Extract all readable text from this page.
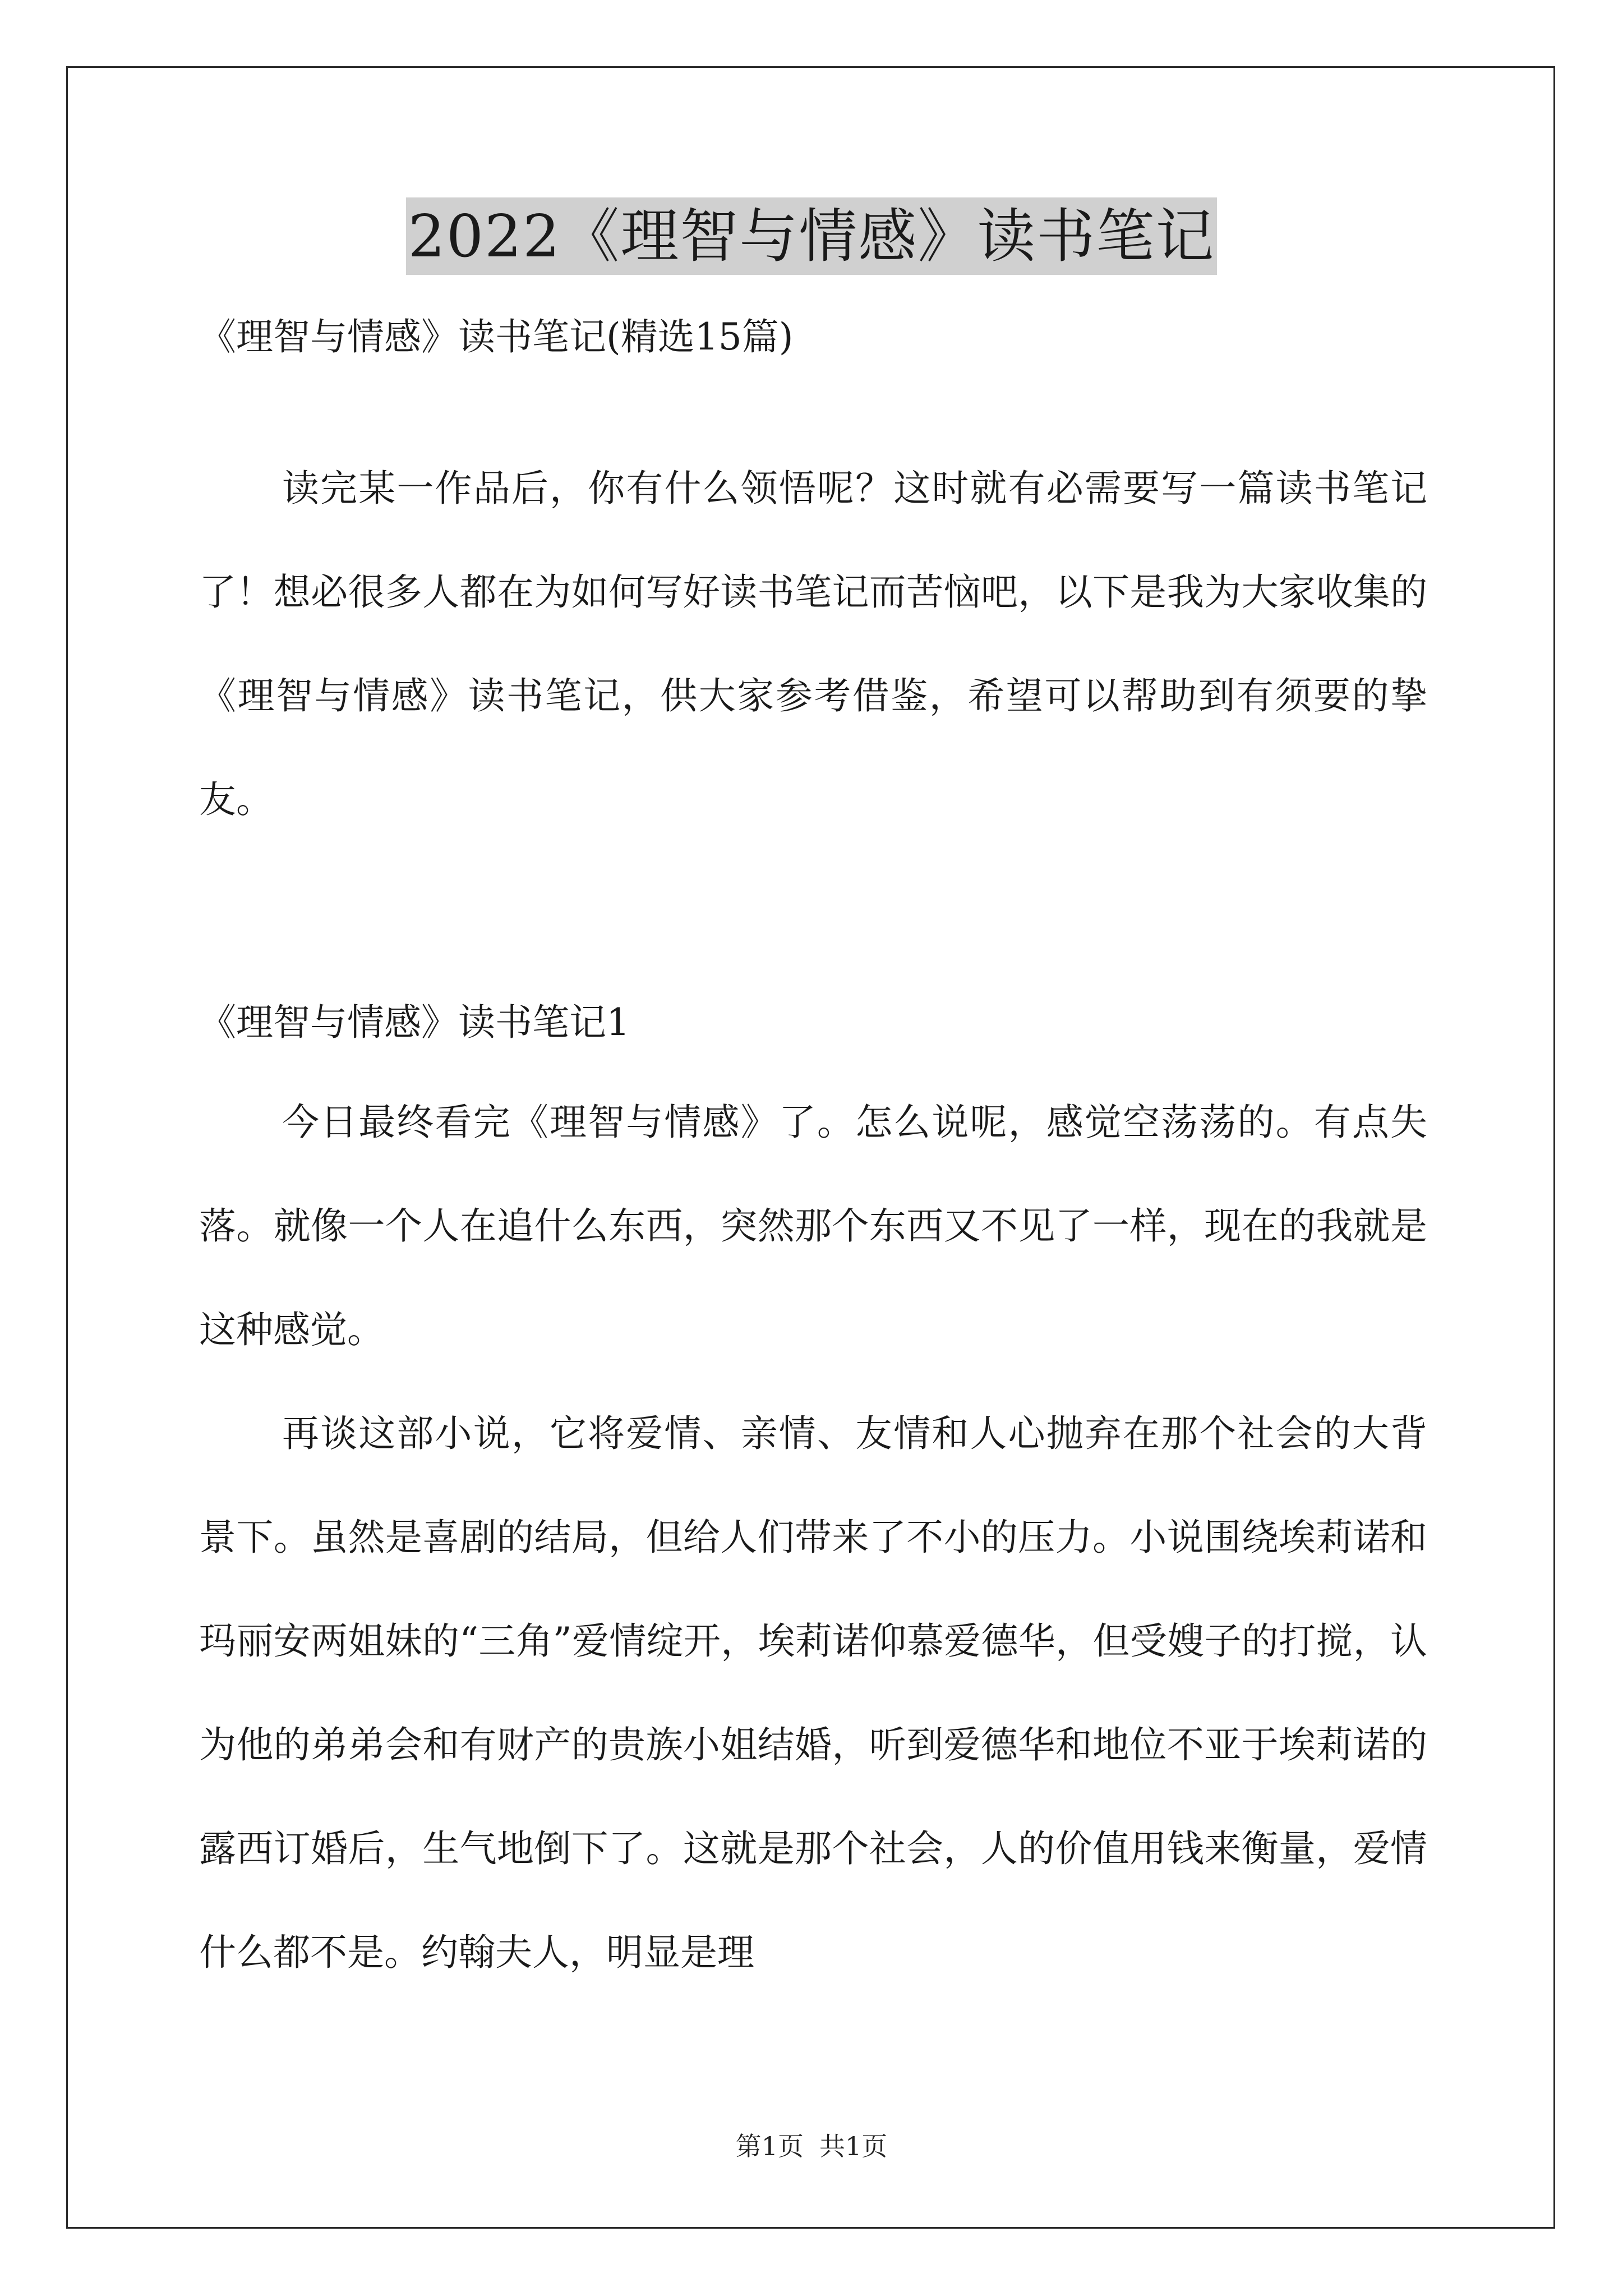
2022《理智与情感》读书笔记
《理智与情感》读书笔记(精选15篇)

读完某一作品后，你有什么领悟呢？这时就有必需要写一篇读书笔记了！想必很多人都在为如何写好读书笔记而苦恼吧，以下是我为大家收集的《理智与情感》读书笔记，供大家参考借鉴，希望可以帮助到有须要的挚友。

《理智与情感》读书笔记1

今日最终看完《理智与情感》了。怎么说呢，感觉空荡荡的。有点失落。就像一个人在追什么东西，突然那个东西又不见了一样，现在的我就是这种感觉。

再谈这部小说，它将爱情、亲情、友情和人心抛弃在那个社会的大背景下。虽然是喜剧的结局，但给人们带来了不小的压力。小说围绕埃莉诺和玛丽安两姐妹的“三角”爱情绽开，埃莉诺仰慕爱德华，但受嫂子的打搅，认为他的弟弟会和有财产的贵族小姐结婚，听到爱德华和地位不亚于埃莉诺的露西订婚后，生气地倒下了。这就是那个社会，人的价值用钱来衡量，爱情什么都不是。约翰夫人，明显是理

第1页 共1页
